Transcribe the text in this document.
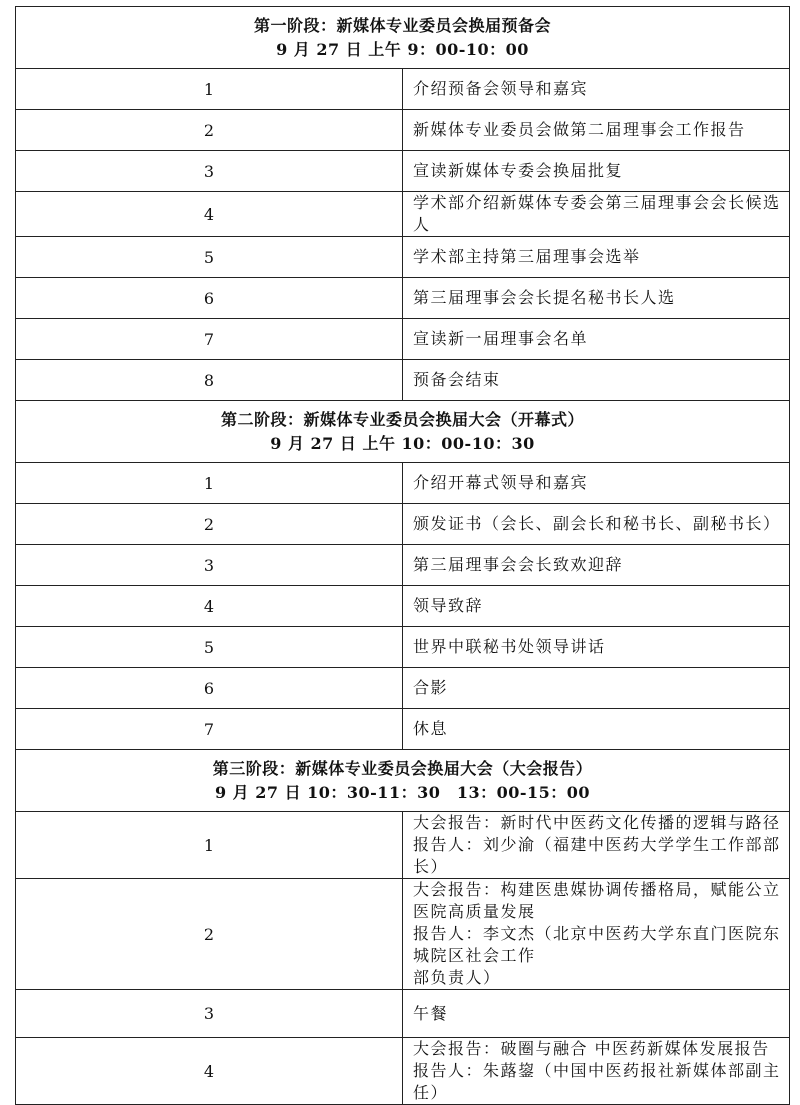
第一阶段：新媒体专业委员会换届预备会
9 月 27 日 上午 9：00-10：00	

1	介绍预备会领导和嘉宾
2	新媒体专业委员会做第二届理事会工作报告
3	宣读新媒体专委会换届批复
4	学术部介绍新媒体专委会第三届理事会会长候选人
5	学术部主持第三届理事会选举
6	第三届理事会会长提名秘书长人选
7	宣读新一届理事会名单
8	预备会结束

第二阶段：新媒体专业委员会换届大会（开幕式）
9 月 27 日 上午 10：00-10：30	

1	介绍开幕式领导和嘉宾
2	颁发证书（会长、副会长和秘书长、副秘书长）
3	第三届理事会会长致欢迎辞
4	领导致辞
5	世界中联秘书处领导讲话
6	合影
7	休息

第三阶段：新媒体专业委员会换届大会（大会报告）
9 月 27 日 10：30-11：30　13：00-15：00	

1	大会报告：新时代中医药文化传播的逻辑与路径
报告人：刘少渝（福建中医药大学学生工作部部长）

2	大会报告：构建医患媒协调传播格局，赋能公立医院高质量发展
报告人：李文杰（北京中医药大学东直门医院东城院区社会工作
部负责人）

3	午餐
4	大会报告：破圈与融合 中医药新媒体发展报告
报告人：朱蕗鋆（中国中医药报社新媒体部副主任）
